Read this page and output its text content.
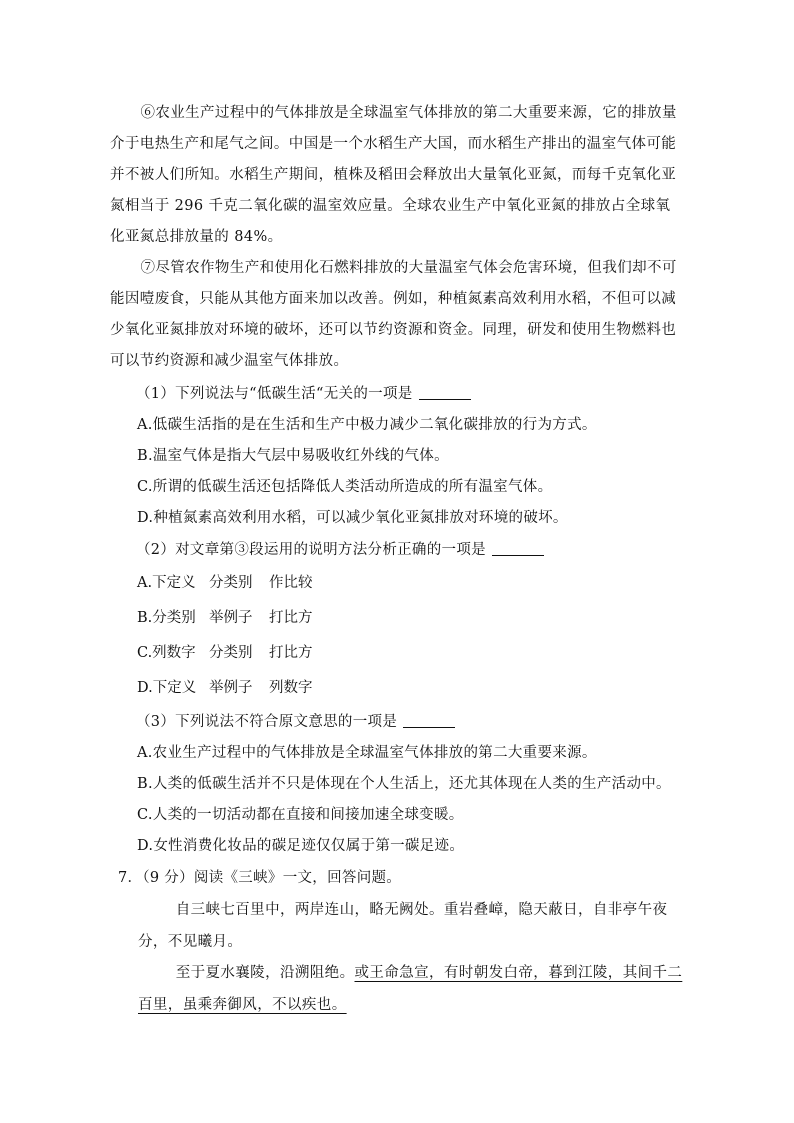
⑥农业生产过程中的气体排放是全球温室气体排放的第二大重要来源，它的排放量介于电热生产和尾气之间。中国是一个水稻生产大国，而水稻生产排出的温室气体可能并不被人们所知。水稻生产期间，植株及稻田会释放出大量氧化亚氮，而每千克氧化亚氮相当于 296 千克二氧化碳的温室效应量。全球农业生产中氧化亚氮的排放占全球氧化亚氮总排放量的 84%。

⑦尽管农作物生产和使用化石燃料排放的大量温室气体会危害环境，但我们却不可能因噎废食，只能从其他方面来加以改善。例如，种植氮素高效利用水稻，不但可以减少氧化亚氮排放对环境的破坏，还可以节约资源和资金。同理，研发和使用生物燃料也可以节约资源和减少温室气体排放。

（1）下列说法与“低碳生活“无关的一项是
A.低碳生活指的是在生活和生产中极力减少二氧化碳排放的行为方式。
B.温室气体是指大气层中易吸收红外线的气体。
C.所谓的低碳生活还包括降低人类活动所造成的所有温室气体。
D.种植氮素高效利用水稻，可以减少氧化亚氮排放对环境的破坏。
（2）对文章第③段运用的说明方法分析正确的一项是
A.下定义 分类别 作比较
B.分类别 举例子 打比方
C.列数字 分类别 打比方
D.下定义 举例子 列数字
（3）下列说法不符合原文意思的一项是
A.农业生产过程中的气体排放是全球温室气体排放的第二大重要来源。
B.人类的低碳生活并不只是体现在个人生活上，还尤其体现在人类的生产活动中。
C.人类的一切活动都在直接和间接加速全球变暖。
D.女性消费化妆品的碳足迹仅仅属于第一碳足迹。
7．（9 分）阅读《三峡》一文，回答问题。

自三峡七百里中，两岸连山，略无阙处。重岩叠嶂，隐天蔽日，自非亭午夜分，不见曦月。

至于夏水襄陵，沿溯阻绝。或王命急宣，有时朝发白帝，暮到江陵，其间千二百里，虽乘奔御风，不以疾也。
